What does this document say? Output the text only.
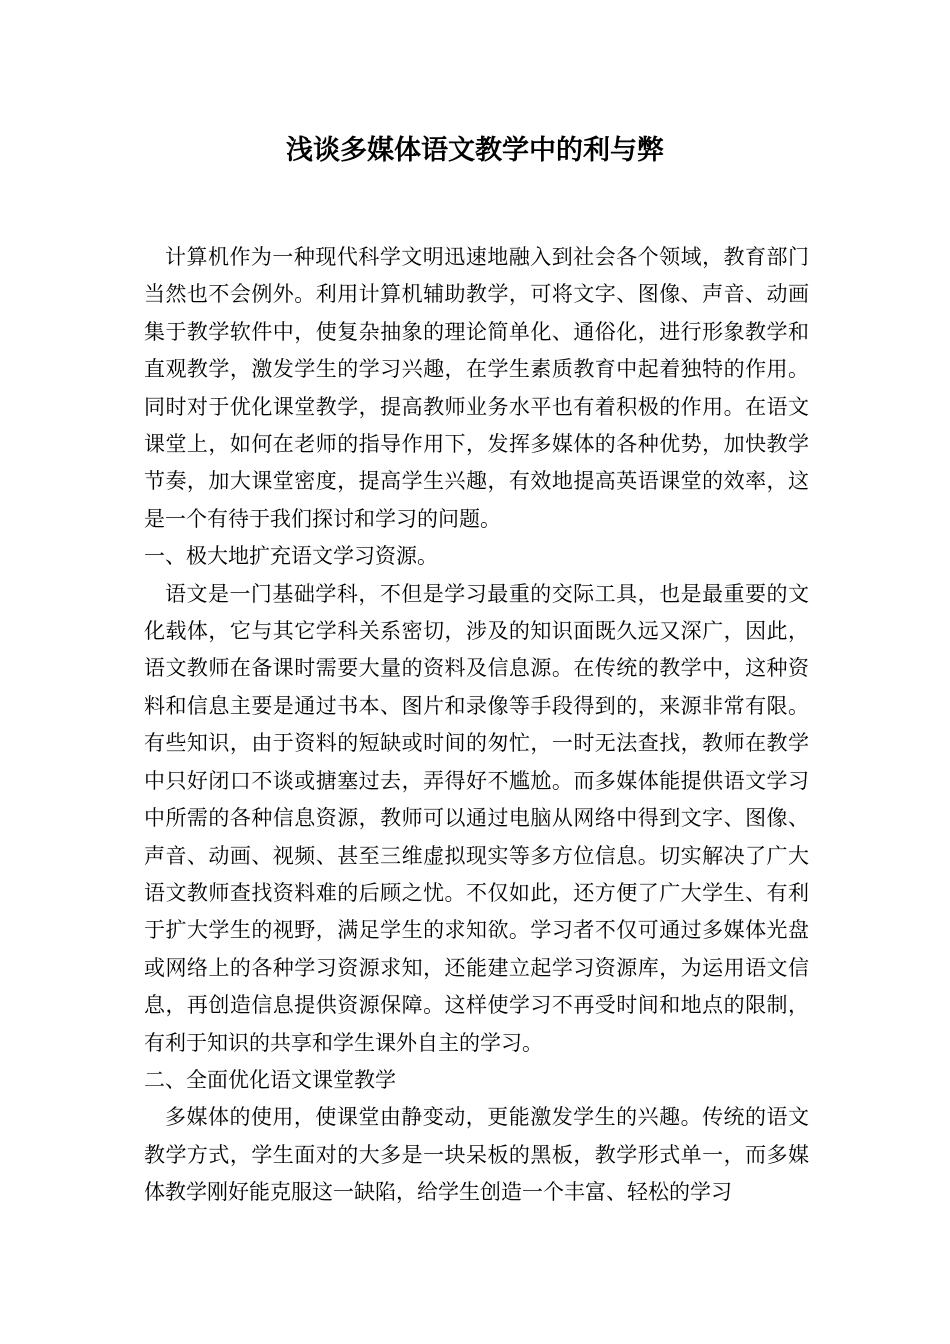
浅谈多媒体语文教学中的利与弊

计算机作为一种现代科学文明迅速地融入到社会各个领域，教育部门当然也不会例外。利用计算机辅助教学，可将文字、图像、声音、动画集于教学软件中，使复杂抽象的理论简单化、通俗化，进行形象教学和直观教学，激发学生的学习兴趣，在学生素质教育中起着独特的作用。同时对于优化课堂教学，提高教师业务水平也有着积极的作用。在语文课堂上，如何在老师的指导作用下，发挥多媒体的各种优势，加快教学节奏，加大课堂密度，提高学生兴趣，有效地提高英语课堂的效率，这是一个有待于我们探讨和学习的问题。

一、极大地扩充语文学习资源。

语文是一门基础学科，不但是学习最重的交际工具，也是最重要的文化载体，它与其它学科关系密切，涉及的知识面既久远又深广，因此，语文教师在备课时需要大量的资料及信息源。在传统的教学中，这种资料和信息主要是通过书本、图片和录像等手段得到的，来源非常有限。有些知识，由于资料的短缺或时间的匆忙，一时无法查找，教师在教学中只好闭口不谈或搪塞过去，弄得好不尴尬。而多媒体能提供语文学习中所需的各种信息资源，教师可以通过电脑从网络中得到文字、图像、声音、动画、视频、甚至三维虚拟现实等多方位信息。切实解决了广大语文教师查找资料难的后顾之忧。不仅如此，还方便了广大学生、有利于扩大学生的视野，满足学生的求知欲。学习者不仅可通过多媒体光盘或网络上的各种学习资源求知，还能建立起学习资源库，为运用语文信息，再创造信息提供资源保障。这样使学习不再受时间和地点的限制，有利于知识的共享和学生课外自主的学习。

二、全面优化语文课堂教学

多媒体的使用，使课堂由静变动，更能激发学生的兴趣。传统的语文教学方式，学生面对的大多是一块呆板的黑板，教学形式单一，而多媒体教学刚好能克服这一缺陷，给学生创造一个丰富、轻松的学习
